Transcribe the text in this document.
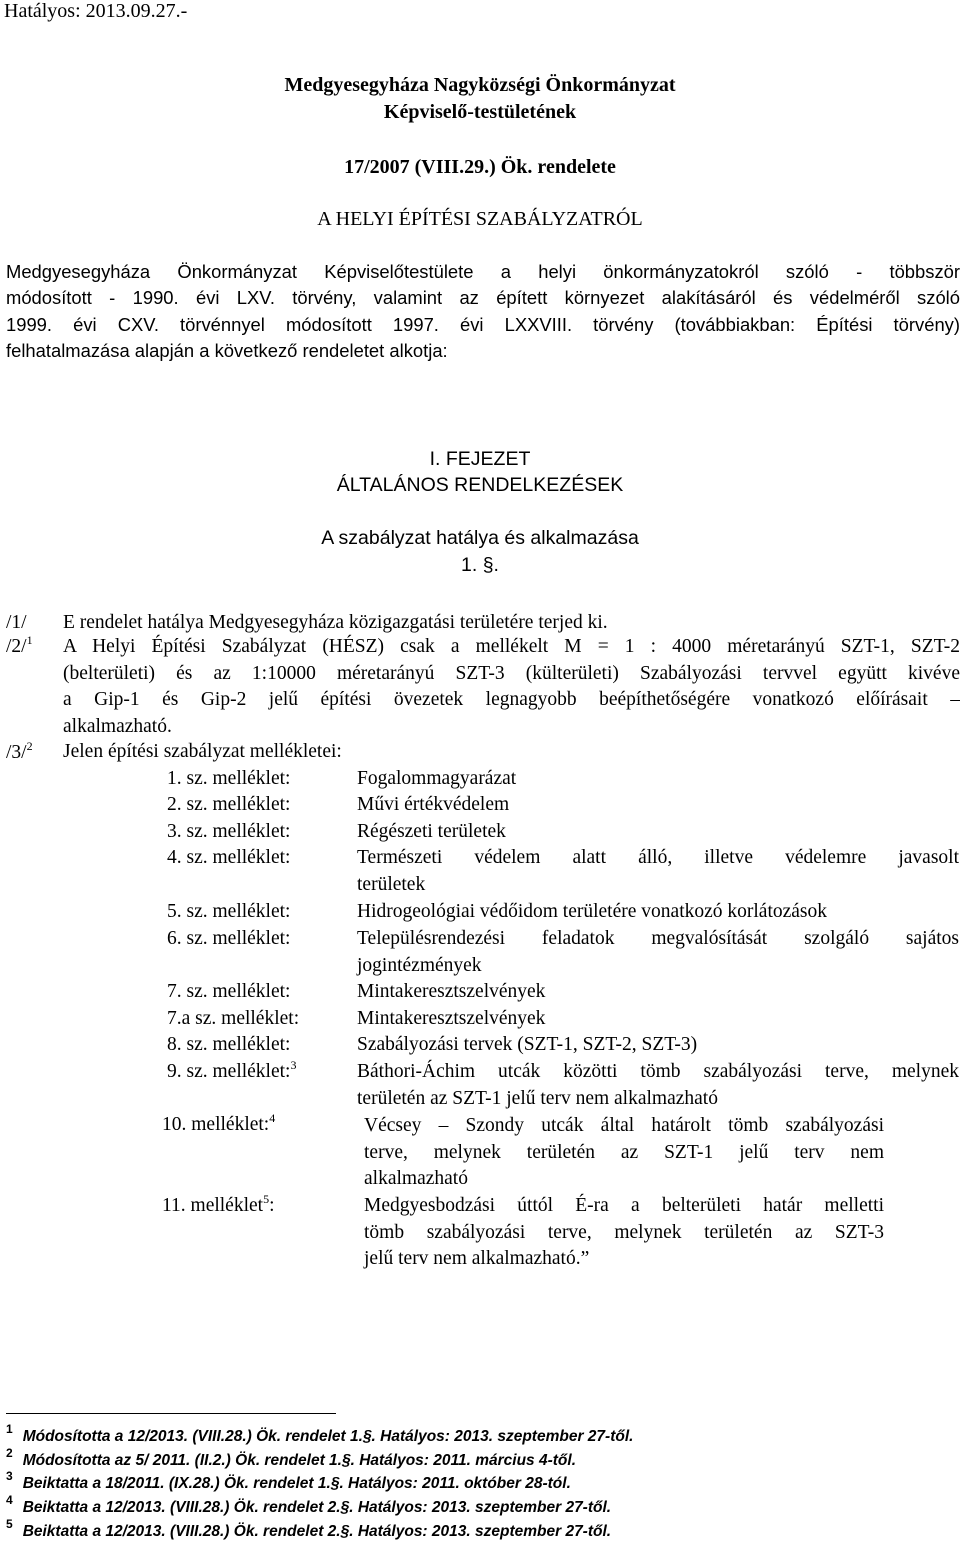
Hatályos: 2013.09.27.-
Medgyesegyháza Nagyközségi Önkormányzat
Képviselő-testületének
17/2007 (VIII.29.) Ök. rendelete
A HELYI ÉPÍTÉSI SZABÁLYZATRÓL
Medgyesegyháza Önkormányzat Képviselőtestülete a helyi önkormányzatokról szóló - többször
módosított - 1990. évi LXV. törvény, valamint az épített környezet alakításáról és védelméről szóló
1999. évi CXV. törvénnyel módosított 1997. évi LXXVIII. törvény (továbbiakban: Építési törvény)
felhatalmazása alapján a következő rendeletet alkotja:
I. FEJEZET
ÁLTALÁNOS RENDELKEZÉSEK
A szabályzat hatálya és alkalmazása
1. §.
/1/ E rendelet hatálya Medgyesegyháza közigazgatási területére terjed ki.
/2/$^1$ A Helyi Építési Szabályzat (HÉSZ) csak a mellékelt M = 1 : 4000 méretarányú SZT-1, SZT-2
(belterületi) és az 1:10000 méretarányú SZT-3 (külterületi) Szabályozási tervvel együtt kivéve
a Gip-1 és Gip-2 jelű építési övezetek legnagyobb beépíthetőségére vonatkozó előírásait –
alkalmazható.
/3/$^2$ Jelen építési szabályzat mellékletei:
1. sz. melléklet:	Fogalommagyarázat
2. sz. melléklet:	Művi értékvédelem
3. sz. melléklet:	Régészeti területek
4. sz. melléklet:	Természeti védelem alatt álló, illetve védelemre javasolt
területek
5. sz. melléklet:	Hidrogeológiai védőidom területére vonatkozó korlátozások
6. sz. melléklet:	Településrendezési feladatok megvalósítását szolgáló sajátos
jogintézmények
7. sz. melléklet:	Mintakeresztszelvények
7.a sz. melléklet:	Mintakeresztszelvények
8. sz. melléklet:	Szabályozási tervek (SZT-1, SZT-2, SZT-3)
9. sz. melléklet:$^3$	Báthori-Áchim utcák közötti tömb szabályozási terve, melynek
területén az SZT-1 jelű terv nem alkalmazható
10. melléklet:$^4$	Vécsey – Szondy utcák által határolt tömb szabályozási
terve, melynek területén az SZT-1 jelű terv nem
alkalmazható
11. melléklet$^5$:	Medgyesbodzási úttól É-ra a belterületi határ melletti
tömb szabályozási terve, melynek területén az SZT-3
jelű terv nem alkalmazható.”
$^1$ Módosította a 12/2013. (VIII.28.) Ök. rendelet 1.§. Hatályos: 2013. szeptember 27-től.
$^2$ Módosította az 5/ 2011. (II.2.) Ök. rendelet 1.§. Hatályos: 2011. március 4-től.
$^3$ Beiktatta a 18/2011. (IX.28.) Ök. rendelet 1.§. Hatályos: 2011. október 28-tól.
$^4$ Beiktatta a 12/2013. (VIII.28.) Ök. rendelet 2.§. Hatályos: 2013. szeptember 27-től.
$^5$ Beiktatta a 12/2013. (VIII.28.) Ök. rendelet 2.§. Hatályos: 2013. szeptember 27-től.
